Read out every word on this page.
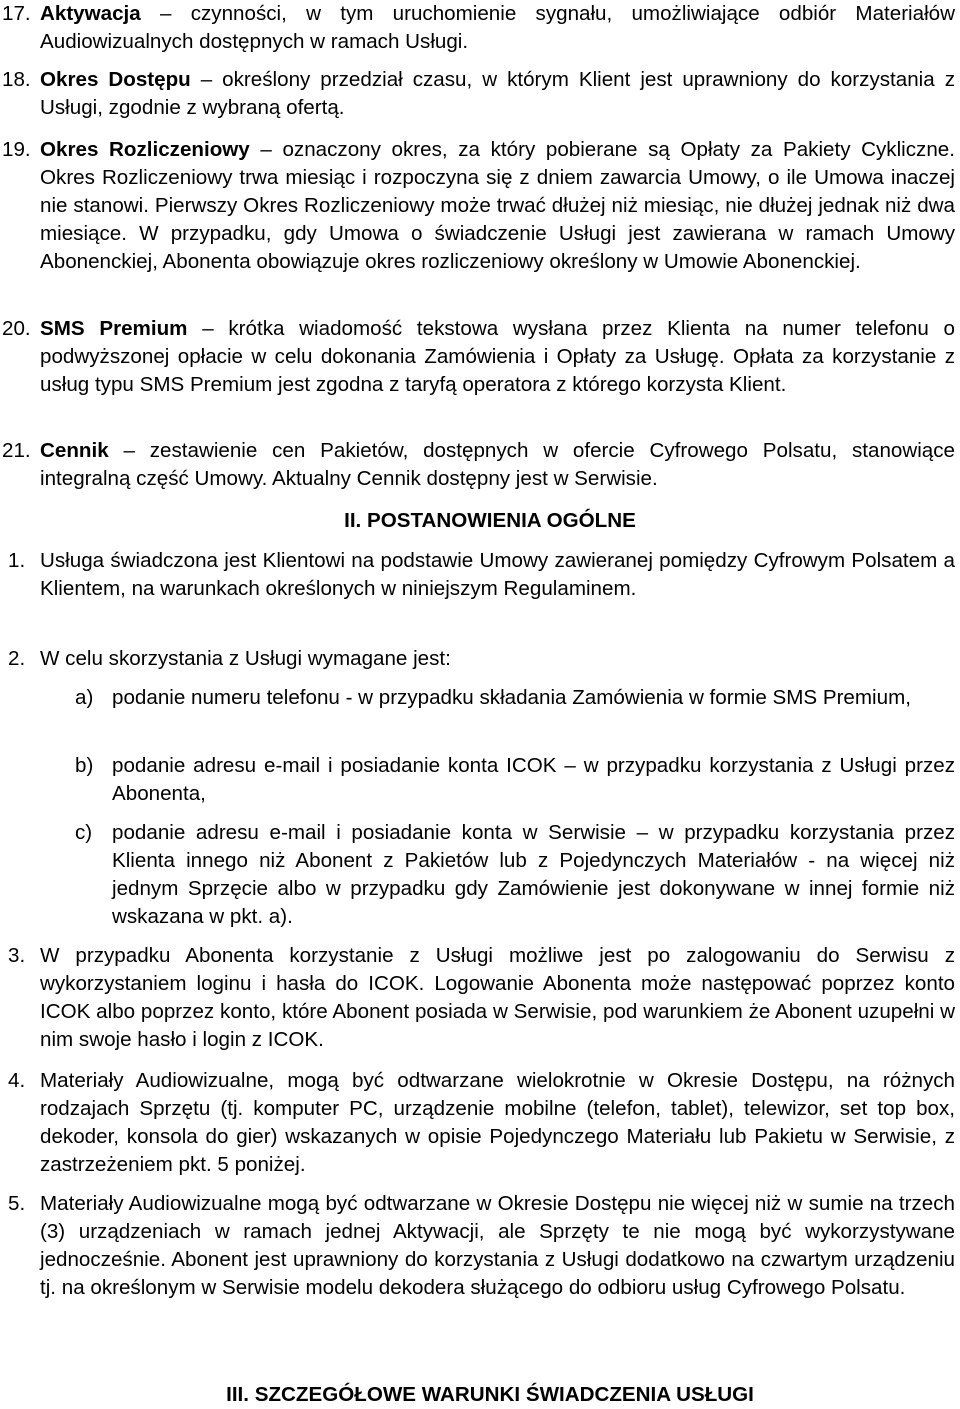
17. Aktywacja – czynności, w tym uruchomienie sygnału, umożliwiające odbiór Materiałów Audiowizualnych dostępnych w ramach Usługi.
18. Okres Dostępu – określony przedział czasu, w którym Klient jest uprawniony do korzystania z Usługi, zgodnie z wybraną ofertą.
19. Okres Rozliczeniowy – oznaczony okres, za który pobierane są Opłaty za Pakiety Cykliczne. Okres Rozliczeniowy trwa miesiąc i rozpoczyna się z dniem zawarcia Umowy, o ile Umowa inaczej nie stanowi. Pierwszy Okres Rozliczeniowy może trwać dłużej niż miesiąc, nie dłużej jednak niż dwa miesiące. W przypadku, gdy Umowa o świadczenie Usługi jest zawierana w ramach Umowy Abonenckiej, Abonenta obowiązuje okres rozliczeniowy określony w Umowie Abonenckiej.
20. SMS Premium – krótka wiadomość tekstowa wysłana przez Klienta na numer telefonu o podwyższonej opłacie w celu dokonania Zamówienia i Opłaty za Usługę. Opłata za korzystanie z usług typu SMS Premium jest zgodna z taryfą operatora z którego korzysta Klient.
21. Cennik – zestawienie cen Pakietów, dostępnych w ofercie Cyfrowego Polsatu, stanowiące integralną część Umowy. Aktualny Cennik dostępny jest w Serwisie.
II. POSTANOWIENIA OGÓLNE
1. Usługa świadczona jest Klientowi na podstawie Umowy zawieranej pomiędzy Cyfrowym Polsatem a Klientem, na warunkach określonych w niniejszym Regulaminem.
2. W celu skorzystania z Usługi wymagane jest:
a) podanie numeru telefonu - w przypadku składania Zamówienia w formie SMS Premium,
b) podanie adresu e-mail i posiadanie konta ICOK – w przypadku korzystania z Usługi przez Abonenta,
c) podanie adresu e-mail i posiadanie konta w Serwisie – w przypadku korzystania przez Klienta innego niż Abonent z Pakietów lub z Pojedynczych Materiałów - na więcej niż jednym Sprzęcie albo w przypadku gdy Zamówienie jest dokonywane w innej formie niż wskazana w pkt. a).
3. W przypadku Abonenta korzystanie z Usługi możliwe jest po zalogowaniu do Serwisu z wykorzystaniem loginu i hasła do ICOK. Logowanie Abonenta może następować poprzez konto ICOK albo poprzez konto, które Abonent posiada w Serwisie, pod warunkiem że Abonent uzupełni w nim swoje hasło i login z ICOK.
4. Materiały Audiowizualne, mogą być odtwarzane wielokrotnie w Okresie Dostępu, na różnych rodzajach Sprzętu (tj. komputer PC, urządzenie mobilne (telefon, tablet), telewizor, set top box, dekoder, konsola do gier) wskazanych w opisie Pojedynczego Materiału lub Pakietu w Serwisie, z zastrzeżeniem pkt. 5 poniżej.
5. Materiały Audiowizualne mogą być odtwarzane w Okresie Dostępu nie więcej niż w sumie na trzech (3) urządzeniach w ramach jednej Aktywacji, ale Sprzęty te nie mogą być wykorzystywane jednocześnie. Abonent jest uprawniony do korzystania z Usługi dodatkowo na czwartym urządzeniu tj. na określonym w Serwisie modelu dekodera służącego do odbioru usług Cyfrowego Polsatu.
III. SZCZEGÓŁOWE WARUNKI ŚWIADCZENIA USŁUGI
